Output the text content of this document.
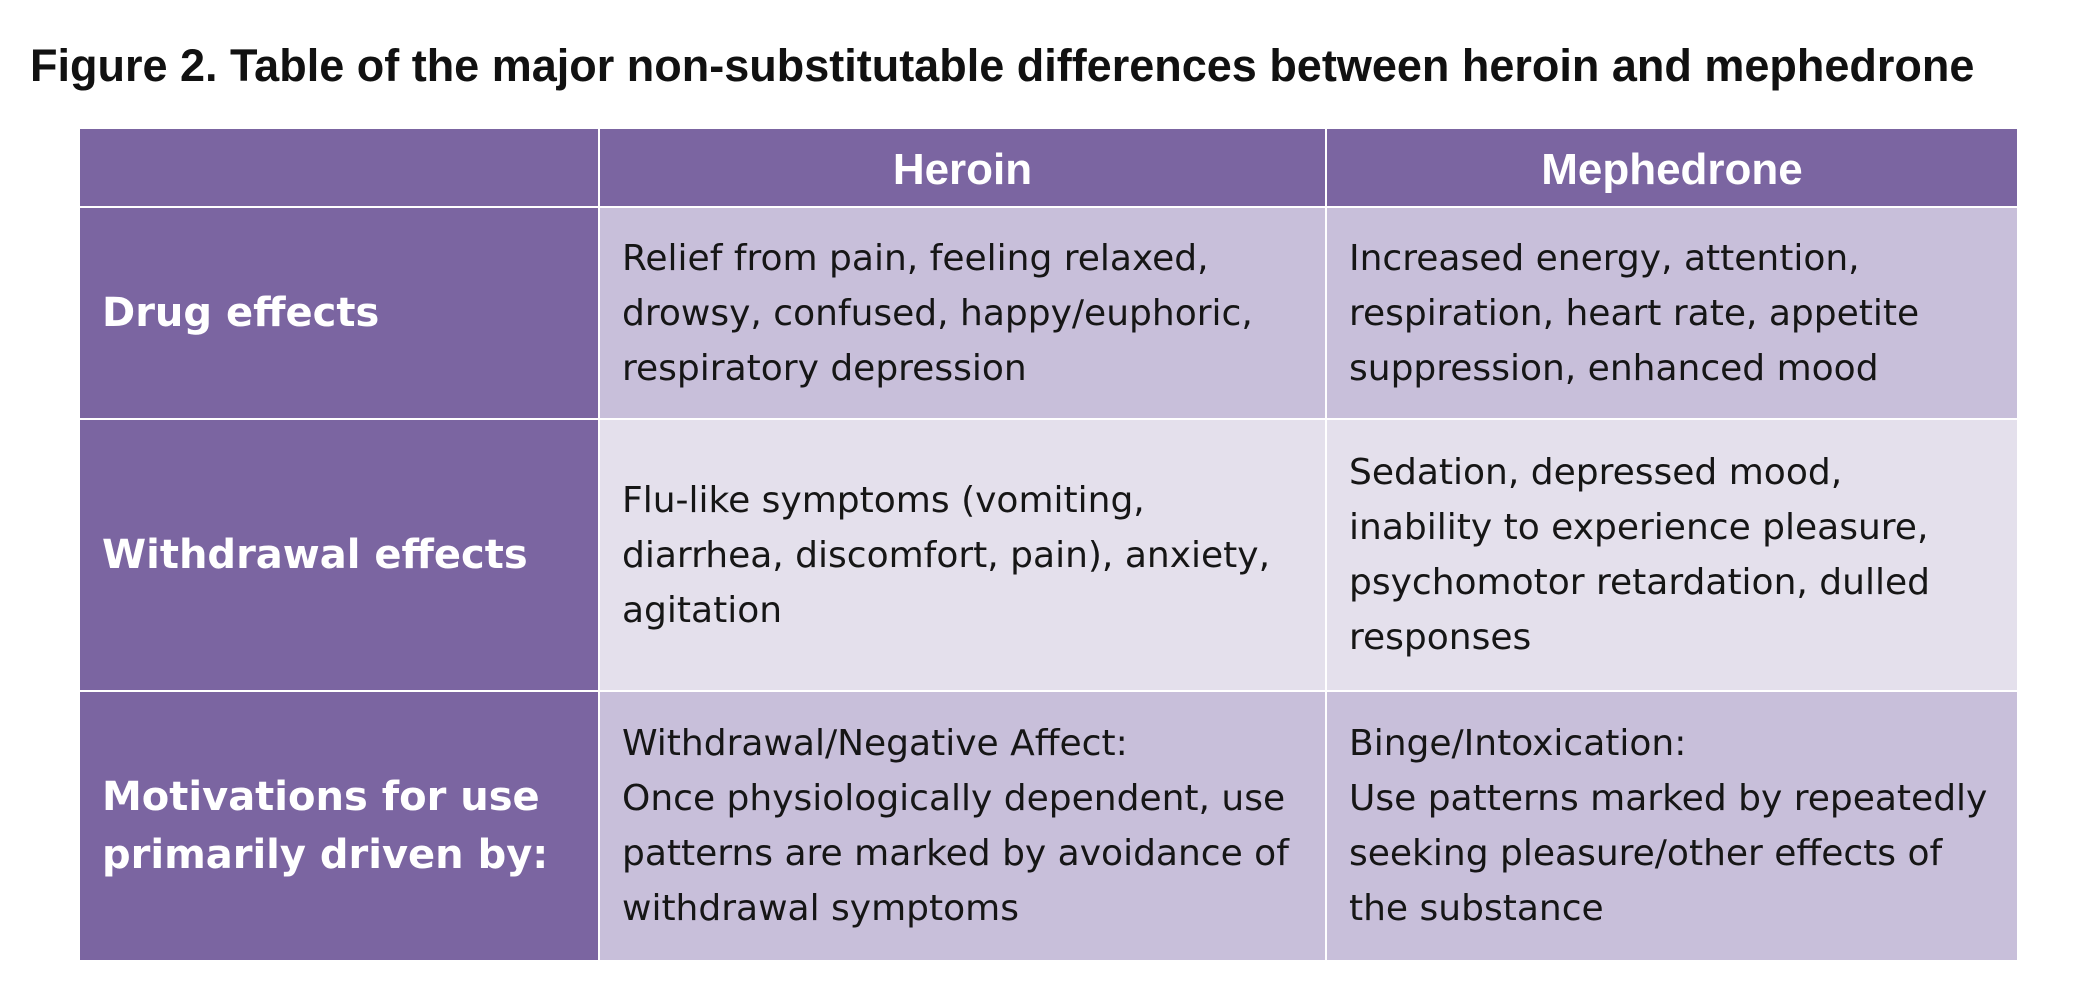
Figure 2. Table of the major non-substitutable differences between heroin and mephedrone
Heroin	Mephedrone
Drug effects
Relief from pain, feeling relaxed,
drowsy, confused, happy/euphoric,
respiratory depression
Increased energy, attention,
respiration, heart rate, appetite
suppression, enhanced mood
Withdrawal effects
Flu-like symptoms (vomiting,
diarrhea, discomfort, pain), anxiety,
agitation
Sedation, depressed mood,
inability to experience pleasure,
psychomotor retardation, dulled
responses
Motivations for use
primarily driven by:
Withdrawal/Negative Affect:
Once physiologically dependent, use
patterns are marked by avoidance of
withdrawal symptoms
Binge/Intoxication:
Use patterns marked by repeatedly
seeking pleasure/other effects of
the substance
